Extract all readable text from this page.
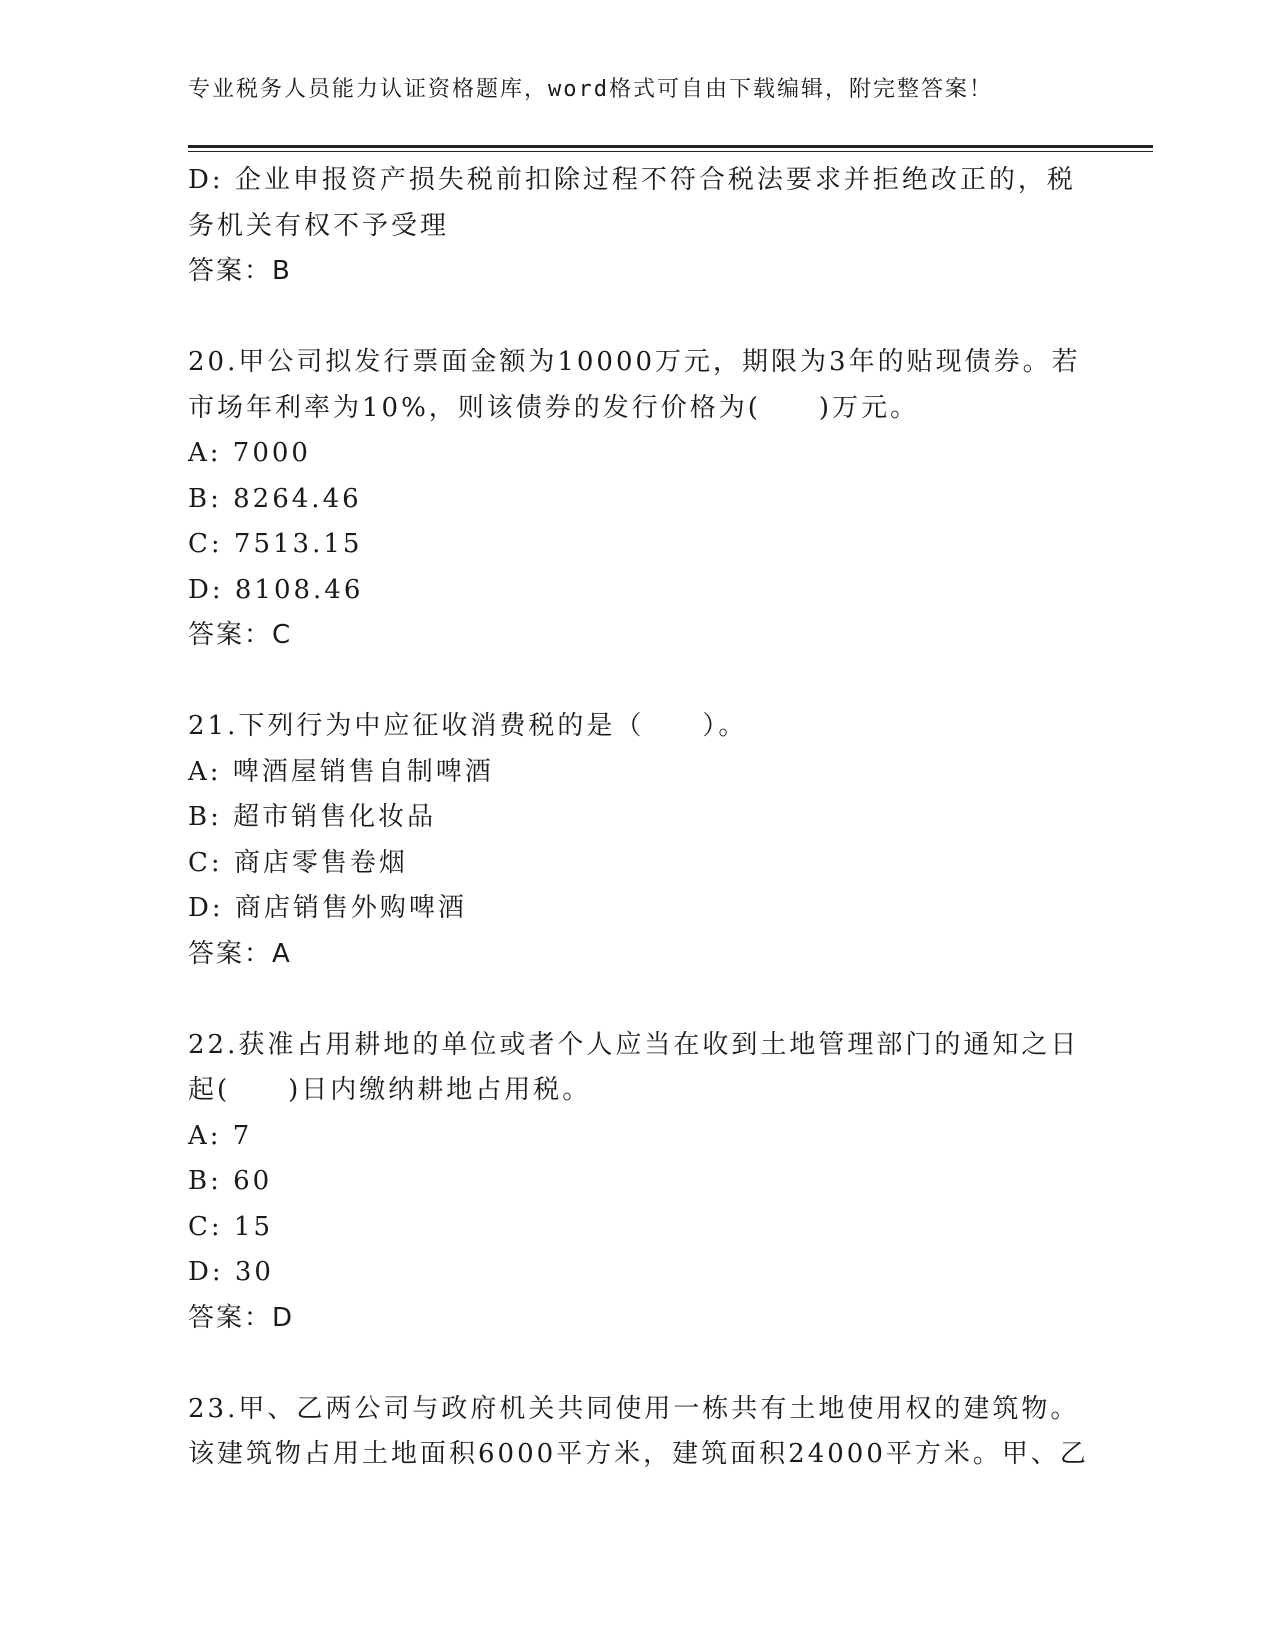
专业税务人员能力认证资格题库，word格式可自由下载编辑，附完整答案！
D: 企业申报资产损失税前扣除过程不符合税法要求并拒绝改正的，税
务机关有权不予受理
答案：B
20.甲公司拟发行票面金额为10000万元，期限为3年的贴现债券。若
市场年利率为10%，则该债券的发行价格为(　　)万元。
A: 7000
B: 8264.46
C: 7513.15
D: 8108.46
答案：C
21.下列行为中应征收消费税的是（　　）。
A: 啤酒屋销售自制啤酒
B: 超市销售化妆品
C: 商店零售卷烟
D: 商店销售外购啤酒
答案：A
22.获准占用耕地的单位或者个人应当在收到土地管理部门的通知之日
起(　　)日内缴纳耕地占用税。
A: 7
B: 60
C: 15
D: 30
答案：D
23.甲、乙两公司与政府机关共同使用一栋共有土地使用权的建筑物。
该建筑物占用土地面积6000平方米，建筑面积24000平方米。甲、乙
